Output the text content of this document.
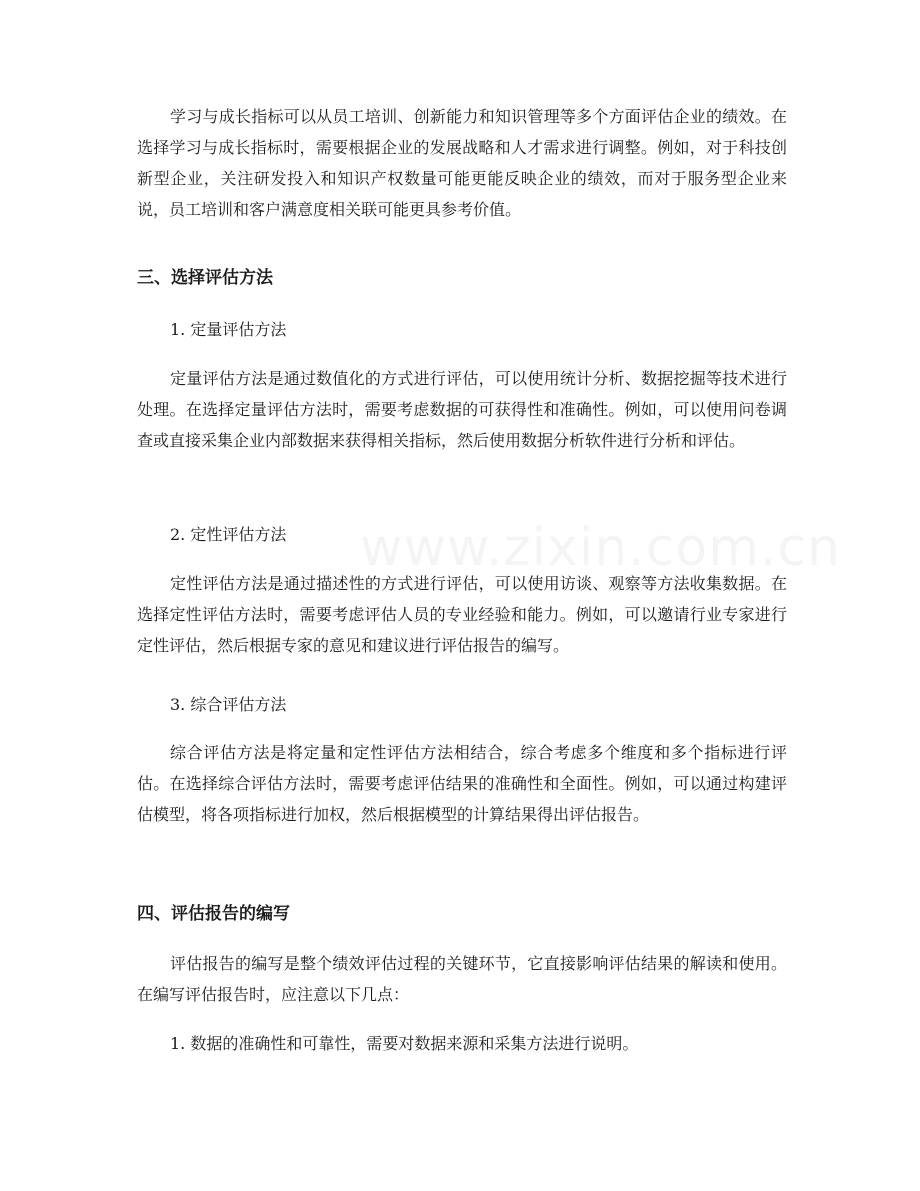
学习与成长指标可以从员工培训、创新能力和知识管理等多个方面评估企业的绩效。在选择学习与成长指标时，需要根据企业的发展战略和人才需求进行调整。例如，对于科技创新型企业，关注研发投入和知识产权数量可能更能反映企业的绩效，而对于服务型企业来说，员工培训和客户满意度相关联可能更具参考价值。

三、选择评估方法

1. 定量评估方法

定量评估方法是通过数值化的方式进行评估，可以使用统计分析、数据挖掘等技术进行处理。在选择定量评估方法时，需要考虑数据的可获得性和准确性。例如，可以使用问卷调查或直接采集企业内部数据来获得相关指标，然后使用数据分析软件进行分析和评估。

2. 定性评估方法

定性评估方法是通过描述性的方式进行评估，可以使用访谈、观察等方法收集数据。在选择定性评估方法时，需要考虑评估人员的专业经验和能力。例如，可以邀请行业专家进行定性评估，然后根据专家的意见和建议进行评估报告的编写。

3. 综合评估方法

综合评估方法是将定量和定性评估方法相结合，综合考虑多个维度和多个指标进行评估。在选择综合评估方法时，需要考虑评估结果的准确性和全面性。例如，可以通过构建评估模型，将各项指标进行加权，然后根据模型的计算结果得出评估报告。

四、评估报告的编写

评估报告的编写是整个绩效评估过程的关键环节，它直接影响评估结果的解读和使用。在编写评估报告时，应注意以下几点：

1. 数据的准确性和可靠性，需要对数据来源和采集方法进行说明。
